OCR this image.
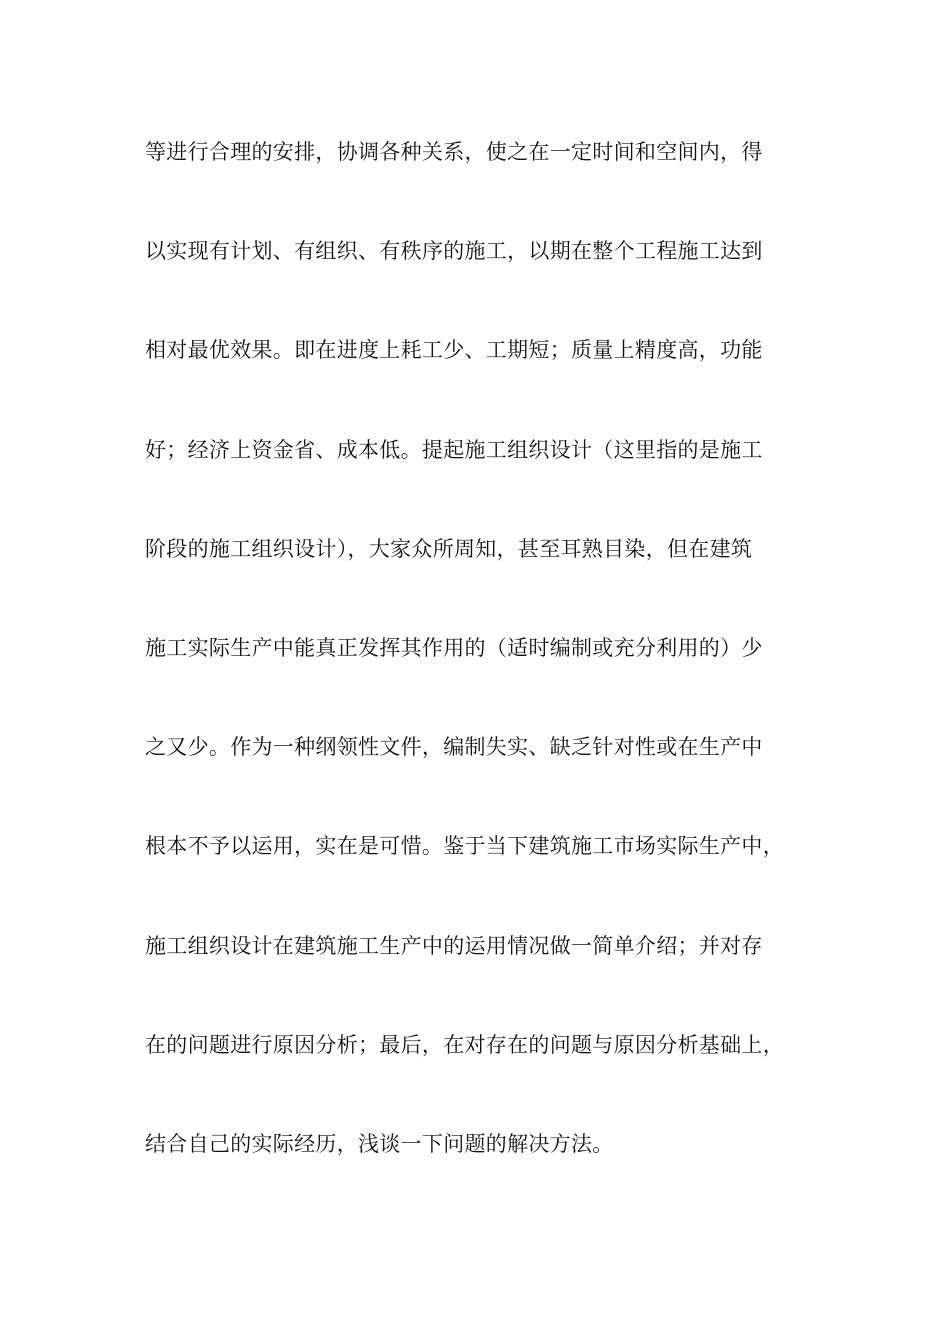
等进行合理的安排，协调各种关系，使之在一定时间和空间内，得
以实现有计划、有组织、有秩序的施工，以期在整个工程施工达到
相对最优效果。即在进度上耗工少、工期短；质量上精度高，功能
好；经济上资金省、成本低。提起施工组织设计（这里指的是施工
阶段的施工组织设计），大家众所周知，甚至耳熟目染，但在建筑
施工实际生产中能真正发挥其作用的（适时编制或充分利用的）少
之又少。作为一种纲领性文件，编制失实、缺乏针对性或在生产中
根本不予以运用，实在是可惜。鉴于当下建筑施工市场实际生产中，
施工组织设计在建筑施工生产中的运用情况做一简单介绍；并对存
在的问题进行原因分析；最后，在对存在的问题与原因分析基础上，
结合自己的实际经历，浅谈一下问题的解决方法。
